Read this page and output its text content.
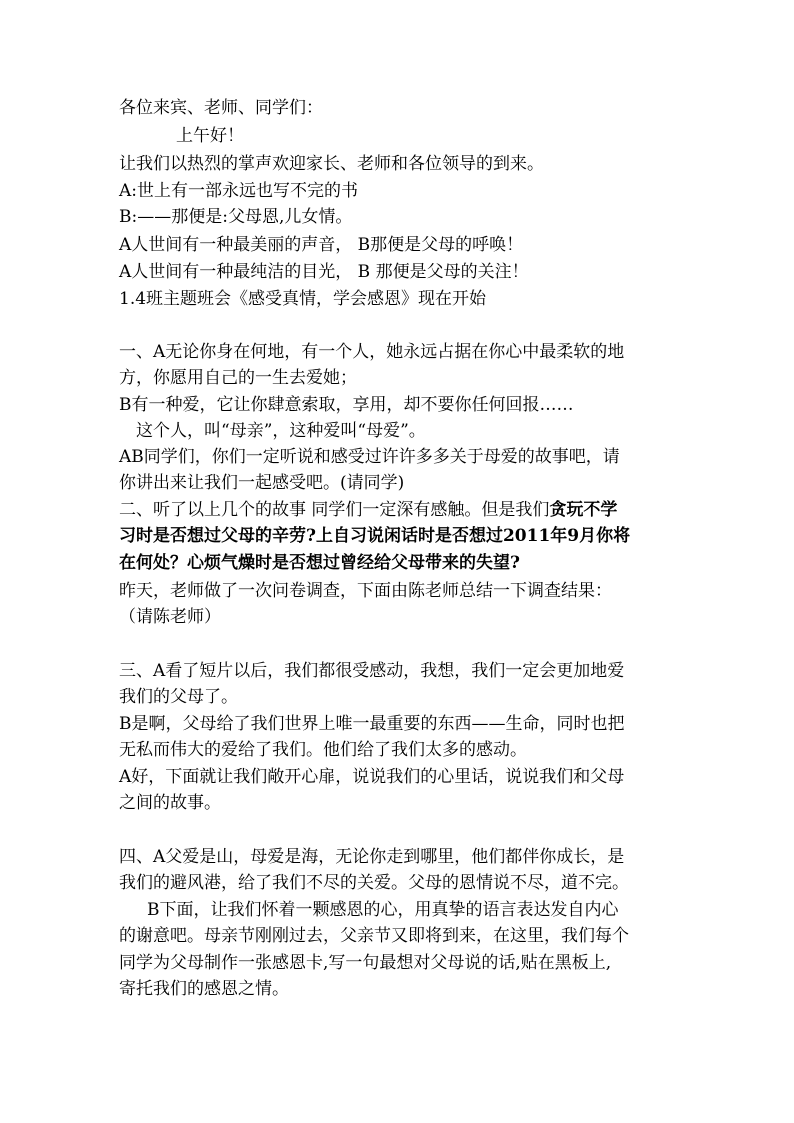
各位来宾、老师、同学们：
上午好！
让我们以热烈的掌声欢迎家长、老师和各位领导的到来。
A:世上有一部永远也写不完的书
B:——那便是:父母恩,儿女情。
A人世间有一种最美丽的声音， B那便是父母的呼唤！
A人世间有一种最纯洁的目光， B 那便是父母的关注！
1.4班主题班会《感受真情，学会感恩》现在开始
一、A无论你身在何地，有一个人，她永远占据在你心中最柔软的地
方，你愿用自己的一生去爱她；
B有一种爱，它让你肆意索取，享用，却不要你任何回报……
这个人，叫“母亲”，这种爱叫“母爱”。
AB同学们，你们一定听说和感受过许许多多关于母爱的故事吧，请
你讲出来让我们一起感受吧。(请同学)
二、听了以上几个的故事 同学们一定深有感触。但是我们贪玩不学
习时是否想过父母的辛劳?上自习说闲话时是否想过2011年9月你将
在何处？心烦气燥时是否想过曾经给父母带来的失望?
昨天，老师做了一次问卷调查，下面由陈老师总结一下调查结果：
（请陈老师）
三、A看了短片以后，我们都很受感动，我想，我们一定会更加地爱
我们的父母了。
B是啊，父母给了我们世界上唯一最重要的东西——生命，同时也把
无私而伟大的爱给了我们。他们给了我们太多的感动。
A好，下面就让我们敞开心扉，说说我们的心里话，说说我们和父母
之间的故事。
四、A父爱是山，母爱是海，无论你走到哪里，他们都伴你成长，是
我们的避风港，给了我们不尽的关爱。父母的恩情说不尽，道不完。
B下面，让我们怀着一颗感恩的心，用真挚的语言表达发自内心
的谢意吧。母亲节刚刚过去，父亲节又即将到来，在这里，我们每个
同学为父母制作一张感恩卡,写一句最想对父母说的话,贴在黑板上,
寄托我们的感恩之情。
